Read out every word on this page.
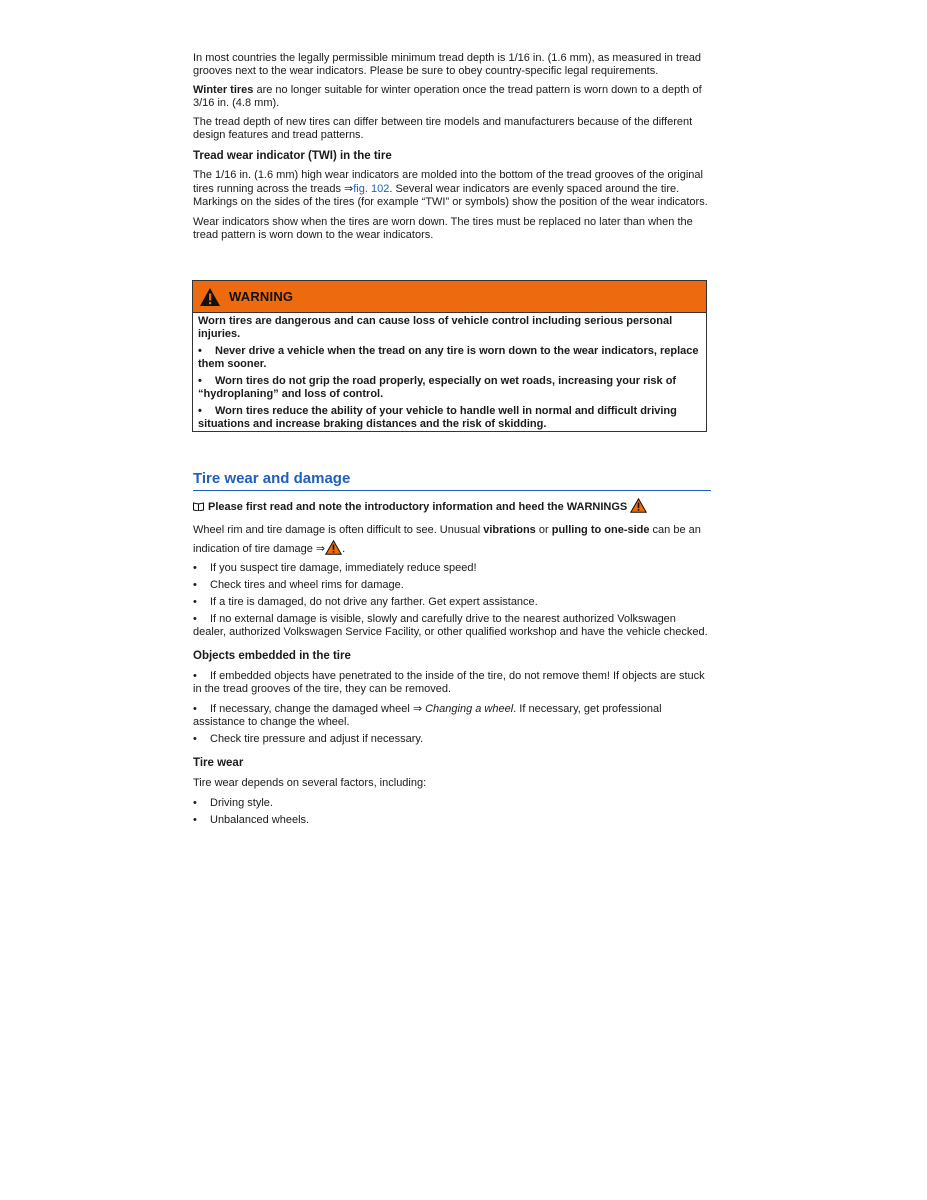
In most countries the legally permissible minimum tread depth is 1/16 in. (1.6 mm), as measured in tread grooves next to the wear indicators. Please be sure to obey country-specific legal requirements.

Winter tires are no longer suitable for winter operation once the tread pattern is worn down to a depth of 3/16 in. (4.8 mm).

The tread depth of new tires can differ between tire models and manufacturers because of the different design features and tread patterns.

Tread wear indicator (TWI) in the tire

The 1/16 in. (1.6 mm) high wear indicators are molded into the bottom of the tread grooves of the original tires running across the treads ⇒fig. 102. Several wear indicators are evenly spaced around the tire. Markings on the sides of the tires (for example “TWI” or symbols) show the position of the wear indicators.

Wear indicators show when the tires are worn down. The tires must be replaced no later than when the tread pattern is worn down to the wear indicators.

WARNING

Worn tires are dangerous and can cause loss of vehicle control including serious personal injuries.

• Never drive a vehicle when the tread on any tire is worn down to the wear indicators, replace them sooner.

• Worn tires do not grip the road properly, especially on wet roads, increasing your risk of “hydroplaning” and loss of control.

• Worn tires reduce the ability of your vehicle to handle well in normal and difficult driving situations and increase braking distances and the risk of skidding.

Tire wear and damage

Please first read and note the introductory information and heed the WARNINGS

Wheel rim and tire damage is often difficult to see. Unusual vibrations or pulling to one-side can be an indication of tire damage ⇒ .

• If you suspect tire damage, immediately reduce speed!
• Check tires and wheel rims for damage.
• If a tire is damaged, do not drive any farther. Get expert assistance.
• If no external damage is visible, slowly and carefully drive to the nearest authorized Volkswagen dealer, authorized Volkswagen Service Facility, or other qualified workshop and have the vehicle checked.
Objects embedded in the tire
• If embedded objects have penetrated to the inside of the tire, do not remove them! If objects are stuck in the tread grooves of the tire, they can be removed.
• If necessary, change the damaged wheel ⇒ Changing a wheel. If necessary, get professional assistance to change the wheel.
• Check tire pressure and adjust if necessary.
Tire wear

Tire wear depends on several factors, including:

• Driving style.
• Unbalanced wheels.
